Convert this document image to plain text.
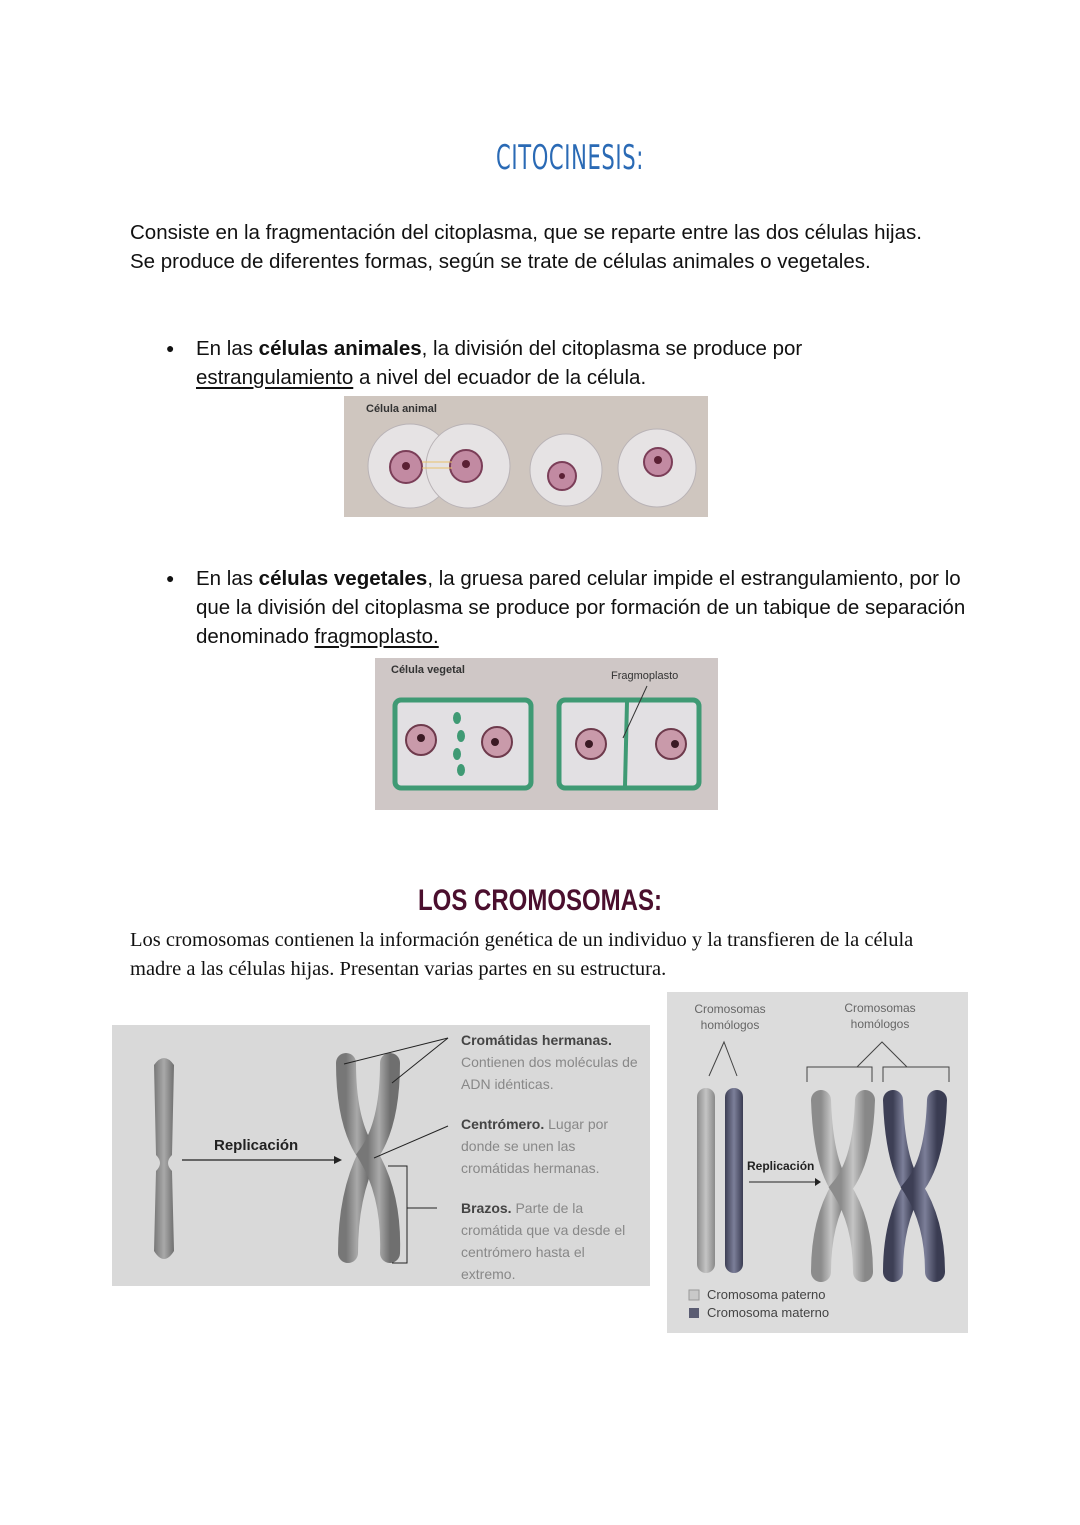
CITOCINESIS:
Consiste en la fragmentación del citoplasma, que se reparte entre las dos células hijas. Se produce de diferentes formas, según se trate de células animales o vegetales.
● En las células animales, la división del citoplasma se produce por
estrangulamiento a nivel del ecuador de la célula.
Célula animal
● En las células vegetales, la gruesa pared celular impide el estrangulamiento, por lo que la división del citoplasma se produce por formación de un tabique de separación denominado fragmoplasto.
Célula vegetal	Fragmoplasto
LOS CROMOSOMAS:
Los cromosomas contienen la información genética de un individuo y la transfieren de la célula madre a las células hijas. Presentan varias partes en su estructura.
Replicación
Cromátidas hermanas. Contienen dos moléculas de ADN idénticas.
Centrómero. Lugar por donde se unen las cromátidas hermanas.
Brazos. Parte de la cromátida que va desde el centrómero hasta el extremo.
Cromosomas homólogos
Cromosomas homólogos
Replicación
Cromosoma paterno
Cromosoma materno
